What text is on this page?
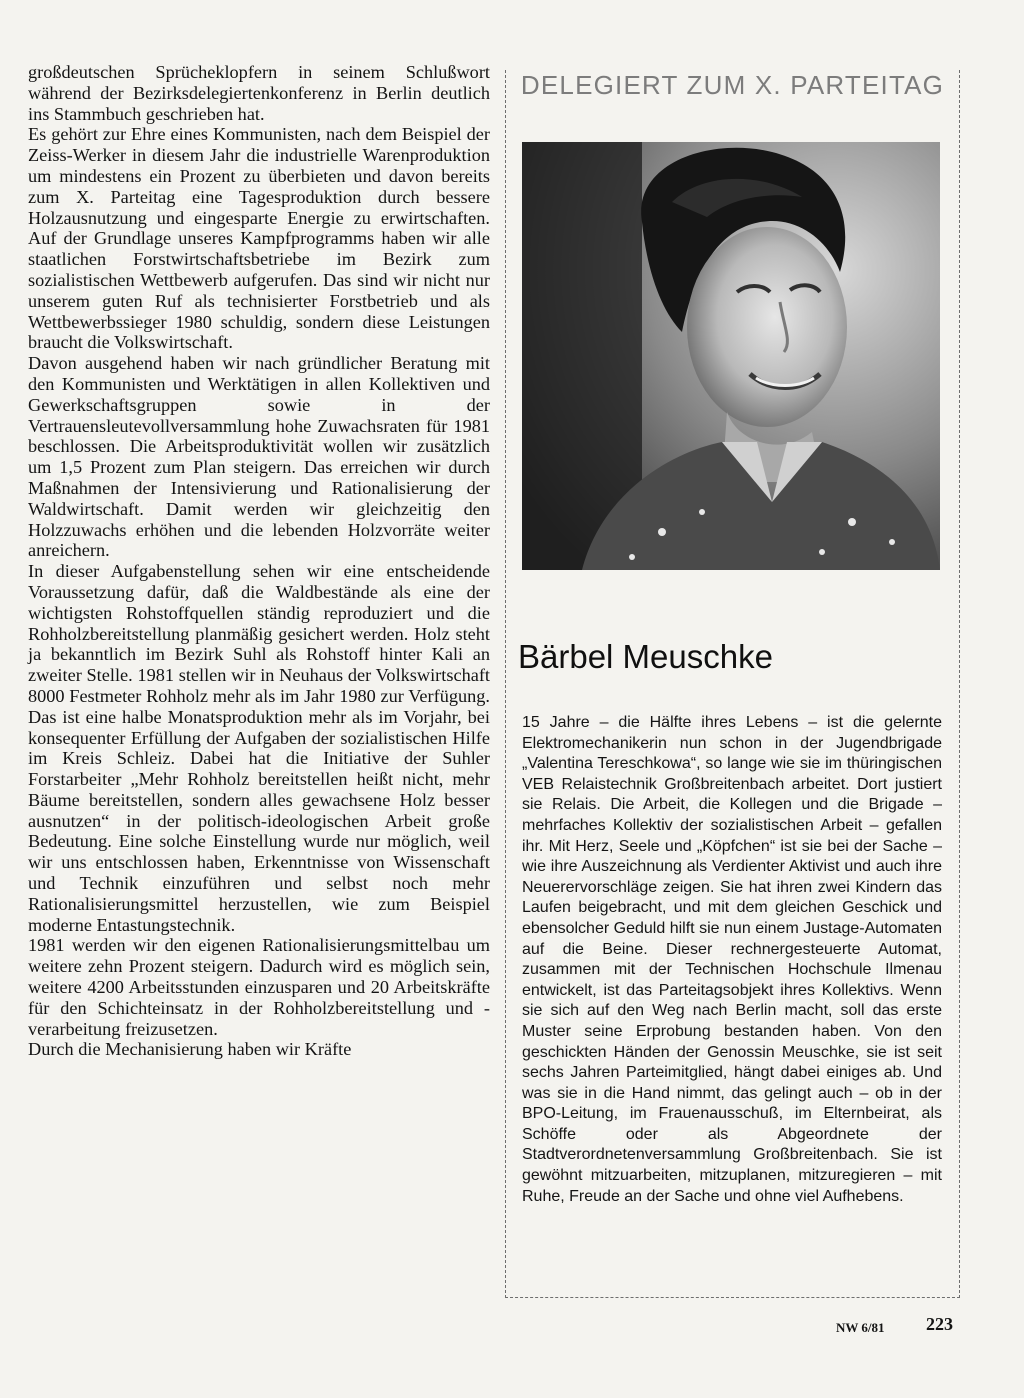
großdeutschen Sprücheklopfern in seinem Schlußwort während der Bezirksdelegiertenkonferenz in Berlin deutlich ins Stammbuch geschrieben hat.

Es gehört zur Ehre eines Kommunisten, nach dem Beispiel der Zeiss-Werker in diesem Jahr die industrielle Warenproduktion um mindestens ein Prozent zu überbieten und davon bereits zum X. Parteitag eine Tagesproduktion durch bessere Holzausnutzung und eingesparte Energie zu erwirtschaften. Auf der Grundlage unseres Kampfprogramms haben wir alle staatlichen Forstwirtschaftsbetriebe im Bezirk zum sozialistischen Wettbewerb aufgerufen. Das sind wir nicht nur unserem guten Ruf als technisierter Forstbetrieb und als Wettbewerbssieger 1980 schuldig, sondern diese Leistungen braucht die Volkswirtschaft.

Davon ausgehend haben wir nach gründlicher Beratung mit den Kommunisten und Werktätigen in allen Kollektiven und Gewerkschaftsgruppen sowie in der Vertrauensleutevollversammlung hohe Zuwachsraten für 1981 beschlossen. Die Arbeitsproduktivität wollen wir zusätzlich um 1,5 Prozent zum Plan steigern. Das erreichen wir durch Maßnahmen der Intensivierung und Rationalisierung der Waldwirtschaft. Damit werden wir gleichzeitig den Holzzuwachs erhöhen und die lebenden Holzvorräte weiter anreichern.

In dieser Aufgabenstellung sehen wir eine entscheidende Voraussetzung dafür, daß die Waldbestände als eine der wichtigsten Rohstoffquellen ständig reproduziert und die Rohholzbereitstellung planmäßig gesichert werden. Holz steht ja bekanntlich im Bezirk Suhl als Rohstoff hinter Kali an zweiter Stelle. 1981 stellen wir in Neuhaus der Volkswirtschaft 8000 Festmeter Rohholz mehr als im Jahr 1980 zur Verfügung. Das ist eine halbe Monatsproduktion mehr als im Vorjahr, bei konsequenter Erfüllung der Aufgaben der sozialistischen Hilfe im Kreis Schleiz. Dabei hat die Initiative der Suhler Forstarbeiter „Mehr Rohholz bereitstellen heißt nicht, mehr Bäume bereitstellen, sondern alles gewachsene Holz besser ausnutzen“ in der politisch-ideologischen Arbeit große Bedeutung. Eine solche Einstellung wurde nur möglich, weil wir uns entschlossen haben, Erkenntnisse von Wissenschaft und Technik einzuführen und selbst noch mehr Rationalisierungsmittel herzustellen, wie zum Beispiel moderne Entastungstechnik.

1981 werden wir den eigenen Rationalisierungsmittelbau um weitere zehn Prozent steigern. Dadurch wird es möglich sein, weitere 4200 Arbeitsstunden einzusparen und 20 Arbeitskräfte für den Schichteinsatz in der Rohholzbereitstellung und -verarbeitung freizusetzen.

Durch die Mechanisierung haben wir Kräfte

DELEGIERT ZUM X. PARTEITAG
Bärbel Meuschke
15 Jahre – die Hälfte ihres Lebens – ist die gelernte Elektromechanikerin nun schon in der Jugendbrigade „Valentina Tereschkowa“, so lange wie sie im thüringischen VEB Relaistechnik Großbreitenbach arbeitet. Dort justiert sie Relais. Die Arbeit, die Kollegen und die Brigade – mehrfaches Kollektiv der sozialistischen Arbeit – gefallen ihr. Mit Herz, Seele und „Köpfchen“ ist sie bei der Sache – wie ihre Auszeichnung als Verdienter Aktivist und auch ihre Neuerervorschläge zeigen. Sie hat ihren zwei Kindern das Laufen beigebracht, und mit dem gleichen Geschick und ebensolcher Geduld hilft sie nun einem Justage-Automaten auf die Beine. Dieser rechnergesteuerte Automat, zusammen mit der Technischen Hochschule Ilmenau entwickelt, ist das Parteitagsobjekt ihres Kollektivs. Wenn sie sich auf den Weg nach Berlin macht, soll das erste Muster seine Erprobung bestanden haben. Von den geschickten Händen der Genossin Meuschke, sie ist seit sechs Jahren Parteimitglied, hängt dabei einiges ab. Und was sie in die Hand nimmt, das gelingt auch – ob in der BPO-Leitung, im Frauenausschuß, im Elternbeirat, als Schöffe oder als Abgeordnete der Stadtverordnetenversammlung Großbreitenbach. Sie ist gewöhnt mitzuarbeiten, mitzuplanen, mitzuregieren – mit Ruhe, Freude an der Sache und ohne viel Aufhebens.
NW 6/81 223
